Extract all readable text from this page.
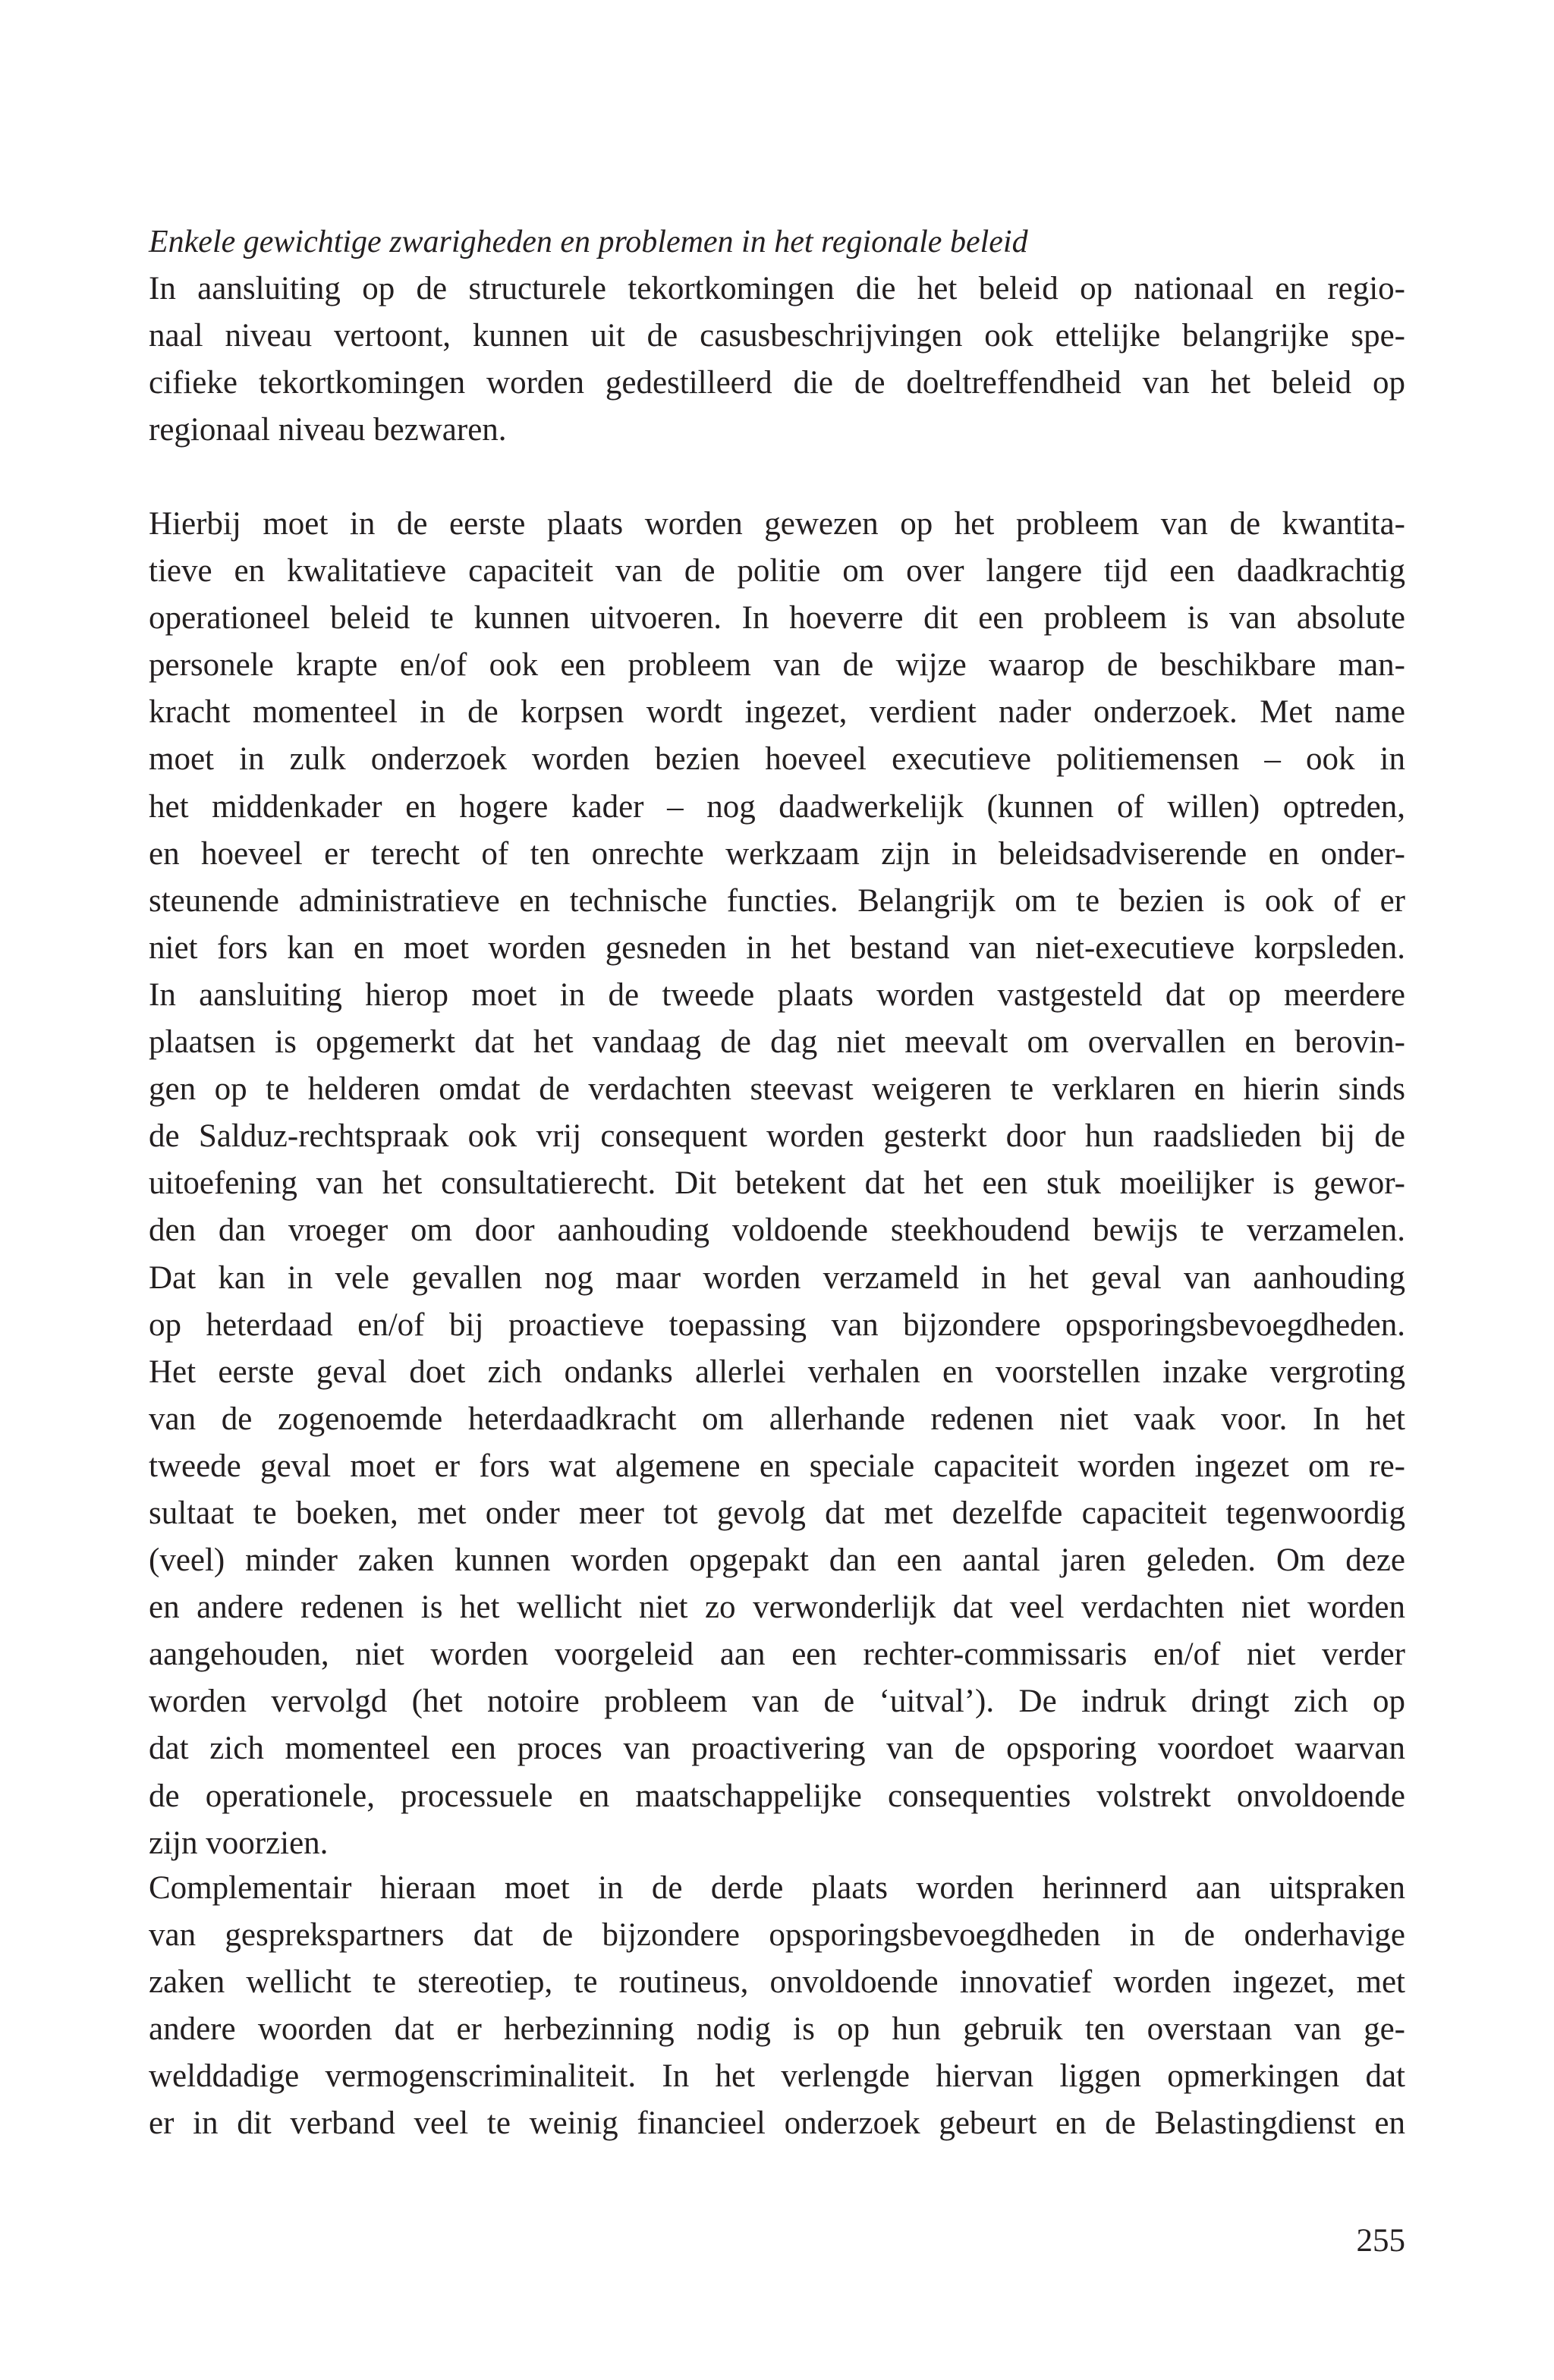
Enkele gewichtige zwarigheden en problemen in het regionale beleid
In aansluiting op de structurele tekortkomingen die het beleid op nationaal en regio-
naal niveau vertoont, kunnen uit de casusbeschrijvingen ook ettelijke belangrijke spe-
cifieke tekortkomingen worden gedestilleerd die de doeltreffendheid van het beleid op
regionaal niveau bezwaren.
Hierbij moet in de eerste plaats worden gewezen op het probleem van de kwantita-
tieve en kwalitatieve capaciteit van de politie om over langere tijd een daadkrachtig
operationeel beleid te kunnen uitvoeren. In hoeverre dit een probleem is van absolute
personele krapte en/of ook een probleem van de wijze waarop de beschikbare man-
kracht momenteel in de korpsen wordt ingezet, verdient nader onderzoek. Met name
moet in zulk onderzoek worden bezien hoeveel executieve politiemensen – ook in
het middenkader en hogere kader – nog daadwerkelijk (kunnen of willen) optreden,
en hoeveel er terecht of ten onrechte werkzaam zijn in beleidsadviserende en onder-
steunende administratieve en technische functies. Belangrijk om te bezien is ook of er
niet fors kan en moet worden gesneden in het bestand van niet-executieve korpsleden.
In aansluiting hierop moet in de tweede plaats worden vastgesteld dat op meerdere
plaatsen is opgemerkt dat het vandaag de dag niet meevalt om overvallen en berovin-
gen op te helderen omdat de verdachten steevast weigeren te verklaren en hierin sinds
de Salduz-rechtspraak ook vrij consequent worden gesterkt door hun raadslieden bij de
uitoefening van het consultatierecht. Dit betekent dat het een stuk moeilijker is gewor-
den dan vroeger om door aanhouding voldoende steekhoudend bewijs te verzamelen.
Dat kan in vele gevallen nog maar worden verzameld in het geval van aanhouding
op heterdaad en/of bij proactieve toepassing van bijzondere opsporingsbevoegdheden.
Het eerste geval doet zich ondanks allerlei verhalen en voorstellen inzake vergroting
van de zogenoemde heterdaadkracht om allerhande redenen niet vaak voor. In het
tweede geval moet er fors wat algemene en speciale capaciteit worden ingezet om re-
sultaat te boeken, met onder meer tot gevolg dat met dezelfde capaciteit tegenwoordig
(veel) minder zaken kunnen worden opgepakt dan een aantal jaren geleden. Om deze
en andere redenen is het wellicht niet zo verwonderlijk dat veel verdachten niet worden
aangehouden, niet worden voorgeleid aan een rechter-commissaris en/of niet verder
worden vervolgd (het notoire probleem van de ‘uitval’). De indruk dringt zich op
dat zich momenteel een proces van proactivering van de opsporing voordoet waarvan
de operationele, processuele en maatschappelijke consequenties volstrekt onvoldoende
zijn voorzien.
Complementair hieraan moet in de derde plaats worden herinnerd aan uitspraken
van gesprekspartners dat de bijzondere opsporingsbevoegdheden in de onderhavige
zaken wellicht te stereotiep, te routineus, onvoldoende innovatief worden ingezet, met
andere woorden dat er herbezinning nodig is op hun gebruik ten overstaan van ge-
welddadige vermogenscriminaliteit. In het verlengde hiervan liggen opmerkingen dat
er in dit verband veel te weinig financieel onderzoek gebeurt en de Belastingdienst en
255
